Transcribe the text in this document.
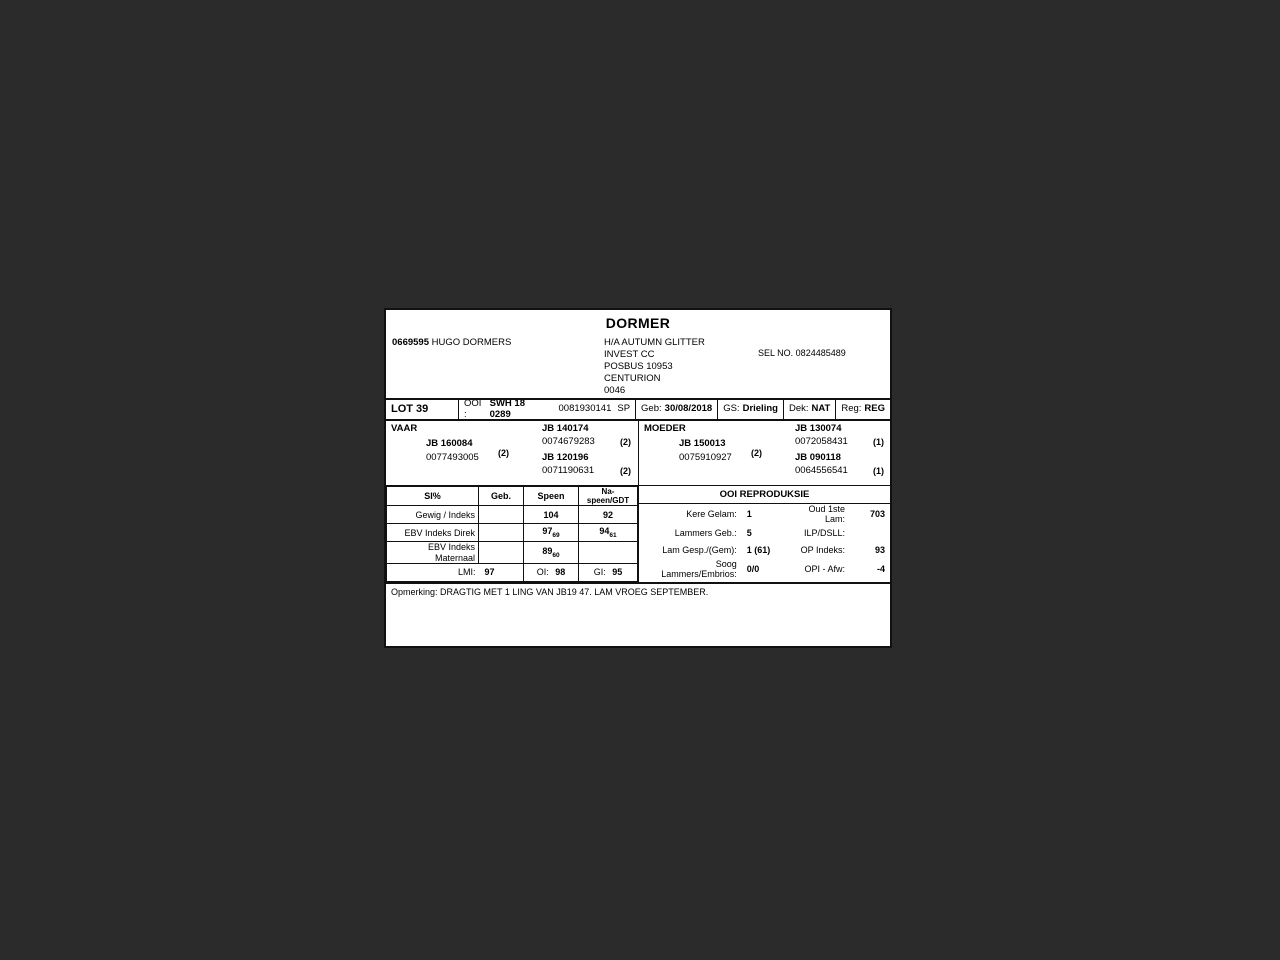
DORMER
0669595 HUGO DORMERS	H/A AUTUMN GLITTER
INVEST CC
POSBUS 10953
CENTURION
0046
SEL NO. 0824485489
LOT 39
OOI :
SWH 18 0289	0081930141 SP Geb: 30/08/2018 GS: Drieling Dek: NAT Reg: REG
VAAR
JB 160084
0077493005 (2)
JB 140174
0074679283	(2)
JB 120196
0071190631	(2)
MOEDER
JB 150013
0075910927 (2)
JB 130074
0072058431	(1)
JB 090118
0064556541	(1)
SI%	Geb.	Speen	Na-speen/GDT
Gewig / Indeks		104	92
EBV Indeks Direk		$97_{69}$	$94_{61}$
EBV Indeks Maternaal		$89_{60}$	
LMI:	97	OI: 98	GI: 95
OOI REPRODUKSIE
Kere Gelam:	1	Oud 1ste Lam:	703
Lammers Geb.:	5	ILP/DSLL:	
Lam Gesp./(Gem):	1 (61)	OP Indeks:	93
Soog Lammers/Embrios:	0/0	OPI - Afw:	-4
Opmerking: DRAGTIG MET 1 LING VAN JB19 47. LAM VROEG SEPTEMBER.
